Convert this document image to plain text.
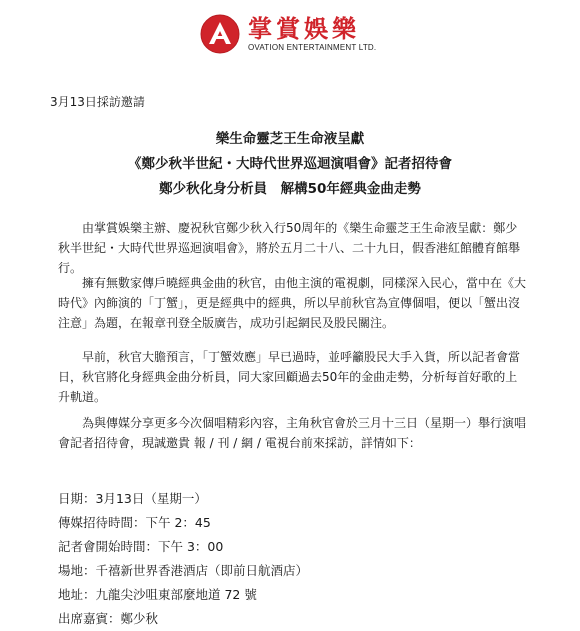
掌賞娛樂
OVATION ENTERTAINMENT LTD.
3月13日採訪邀請
樂生命靈芝王生命液呈獻
《鄭少秋半世紀・大時代世界巡迴演唱會》記者招待會
鄭少秋化身分析員　解構50年經典金曲走勢

由掌賞娛樂主辦、慶祝秋官鄭少秋入行50周年的《樂生命靈芝王生命液呈獻：鄭少秋半世紀・大時代世界巡迴演唱會》，將於五月二十八、二十九日，假香港紅館體育館舉行。

擁有無數家傳戶曉經典金曲的秋官，由他主演的電視劇，同樣深入民心，當中在《大時代》內飾演的「丁蟹」，更是經典中的經典，所以早前秋官為宣傳個唱，便以「蟹出沒注意」為題，在報章刊登全版廣告，成功引起網民及股民關注。

早前，秋官大膽預言，「丁蟹效應」早已過時，並呼籲股民大手入貨，所以記者會當日，秋官將化身經典金曲分析員，同大家回顧過去50年的金曲走勢，分析每首好歌的上升軌道。

為與傳媒分享更多今次個唱精彩內容，主角秋官會於三月十三日（星期一）舉行演唱會記者招待會，現誠邀貴 報 / 刊 / 網 / 電視台前來採訪，詳情如下：

日期：3月13日（星期一）
傳媒招待時間：下午 2：45
記者會開始時間：下午 3：00
場地：千禧新世界香港酒店（即前日航酒店）
地址：九龍尖沙咀東部麼地道 72 號
出席嘉賓：鄭少秋
